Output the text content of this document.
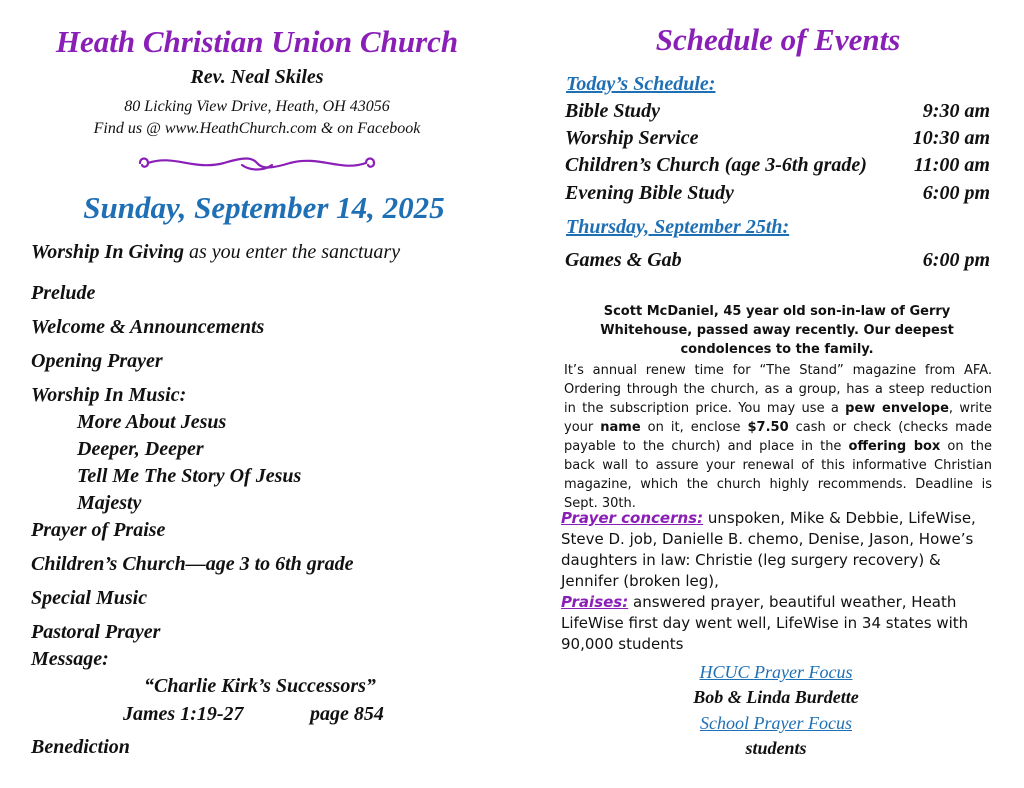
Heath Christian Union Church

Rev. Neal Skiles

80 Licking View Drive, Heath, OH 43056

Find us @ www.HeathChurch.com & on Facebook

Sunday, September 14, 2025

Worship In Giving as you enter the sanctuary

Prelude

Welcome & Announcements

Opening Prayer

Worship In Music:

More About Jesus

Deeper, Deeper

Tell Me The Story Of Jesus

Majesty

Prayer of Praise

Children’s Church—age 3 to 6th grade

Special Music

Pastoral Prayer

Message:

“Charlie Kirk’s Successors”

James 1:19-27	page 854

Benediction

Schedule of Events

Today’s Schedule:

Bible Study	9:30 am

Worship Service	10:30 am

Children’s Church (age 3-6th grade) 11:00 am

Evening Bible Study	6:00 pm

Thursday, September 25th:

Games & Gab	6:00 pm

Scott McDaniel, 45 year old son-in-law of Gerry Whitehouse, passed away recently. Our deepest condolences to the family.

It’s annual renew time for “The Stand” magazine from AFA. Ordering through the church, as a group, has a steep reduction in the subscription price. You may use a pew envelope, write your name on it, enclose $7.50 cash or check (checks made payable to the church) and place in the offering box on the back wall to assure your renewal of this informative Christian magazine, which the church highly recommends. Deadline is Sept. 30th.

Prayer concerns: unspoken, Mike & Debbie, LifeWise, Steve D. job, Danielle B. chemo, Denise, Jason, Howe’s daughters in law: Christie (leg surgery recovery) & Jennifer (broken leg),
Praises: answered prayer, beautiful weather, Heath LifeWise first day went well, LifeWise in 34 states with 90,000 students

HCUC Prayer Focus

Bob & Linda Burdette

School Prayer Focus

students
